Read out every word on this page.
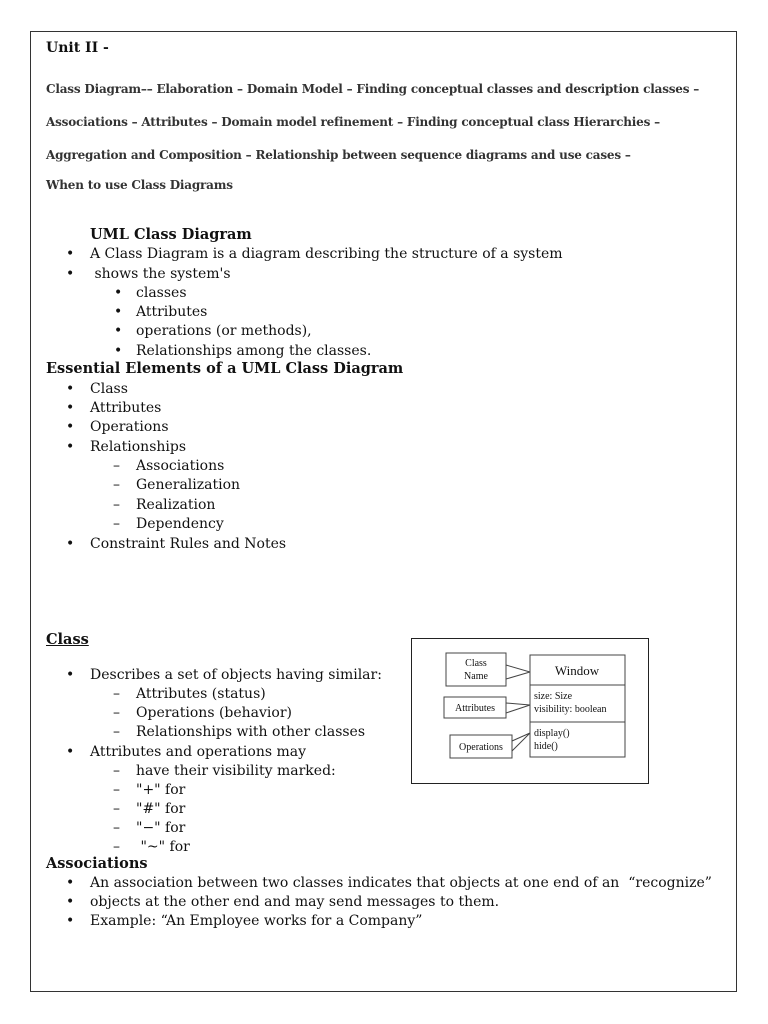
Unit II -
Class Diagram–– Elaboration – Domain Model – Finding conceptual classes and description classes –
Associations – Attributes – Domain model refinement – Finding conceptual class Hierarchies –
Aggregation and Composition – Relationship between sequence diagrams and use cases –
When to use Class Diagrams
UML Class Diagram
• A Class Diagram is a diagram describing the structure of a system
• shows the system's
• classes
• Attributes
• operations (or methods),
• Relationships among the classes.
Essential Elements of a UML Class Diagram
• Class
• Attributes
• Operations
• Relationships
– Associations
– Generalization
– Realization
– Dependency
• Constraint Rules and Notes
Class
• Describes a set of objects having similar:
– Attributes (status)
– Operations (behavior)
– Relationships with other classes
• Attributes and operations may
– have their visibility marked:
– "+" for
– "#" for
– "−" for
– "~" for
Class
Name
Attributes
Operations
Window
size: Size
visibility: boolean
display()
hide()
Associations
• An association between two classes indicates that objects at one end of an  “recognize”
• objects at the other end and may send messages to them.
• Example: “An Employee works for a Company”
